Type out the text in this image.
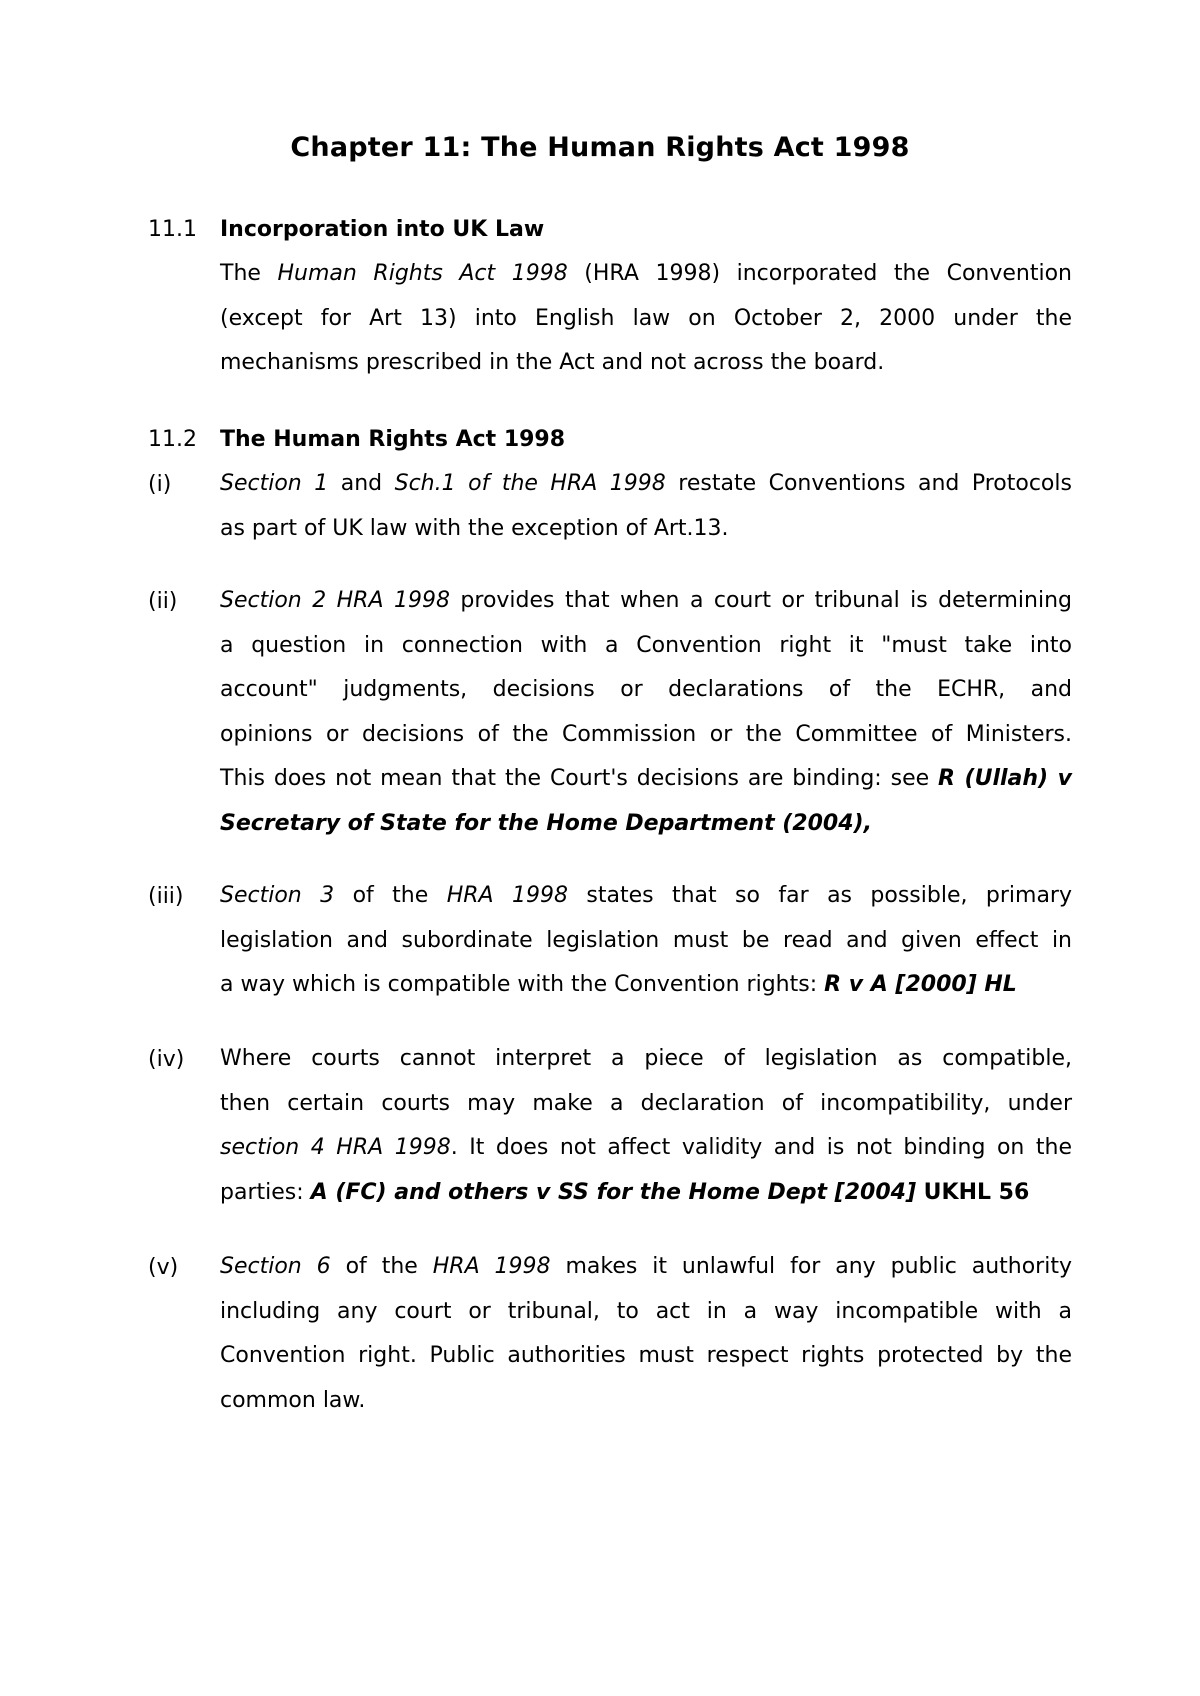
Chapter 11: The Human Rights Act 1998
11.1 Incorporation into UK Law
The Human Rights Act 1998 (HRA 1998) incorporated the Convention
(except for Art 13) into English law on October 2, 2000 under the
mechanisms prescribed in the Act and not across the board.
11.2 The Human Rights Act 1998
(i) Section 1 and Sch.1 of the HRA 1998 restate Conventions and Protocols
as part of UK law with the exception of Art.13.
(ii) Section 2 HRA 1998 provides that when a court or tribunal is determining
a question in connection with a Convention right it "must take into
account" judgments, decisions or declarations of the ECHR, and
opinions or decisions of the Commission or the Committee of Ministers.
This does not mean that the Court's decisions are binding: see R (Ullah) v
Secretary of State for the Home Department (2004),
(iii) Section 3 of the HRA 1998 states that so far as possible, primary
legislation and subordinate legislation must be read and given effect in
a way which is compatible with the Convention rights: R v A [2000] HL
(iv) Where courts cannot interpret a piece of legislation as compatible,
then certain courts may make a declaration of incompatibility, under
section 4 HRA 1998. It does not affect validity and is not binding on the
parties: A (FC) and others v SS for the Home Dept [2004] UKHL 56
(v) Section 6 of the HRA 1998 makes it unlawful for any public authority
including any court or tribunal, to act in a way incompatible with a
Convention right. Public authorities must respect rights protected by the
common law.
